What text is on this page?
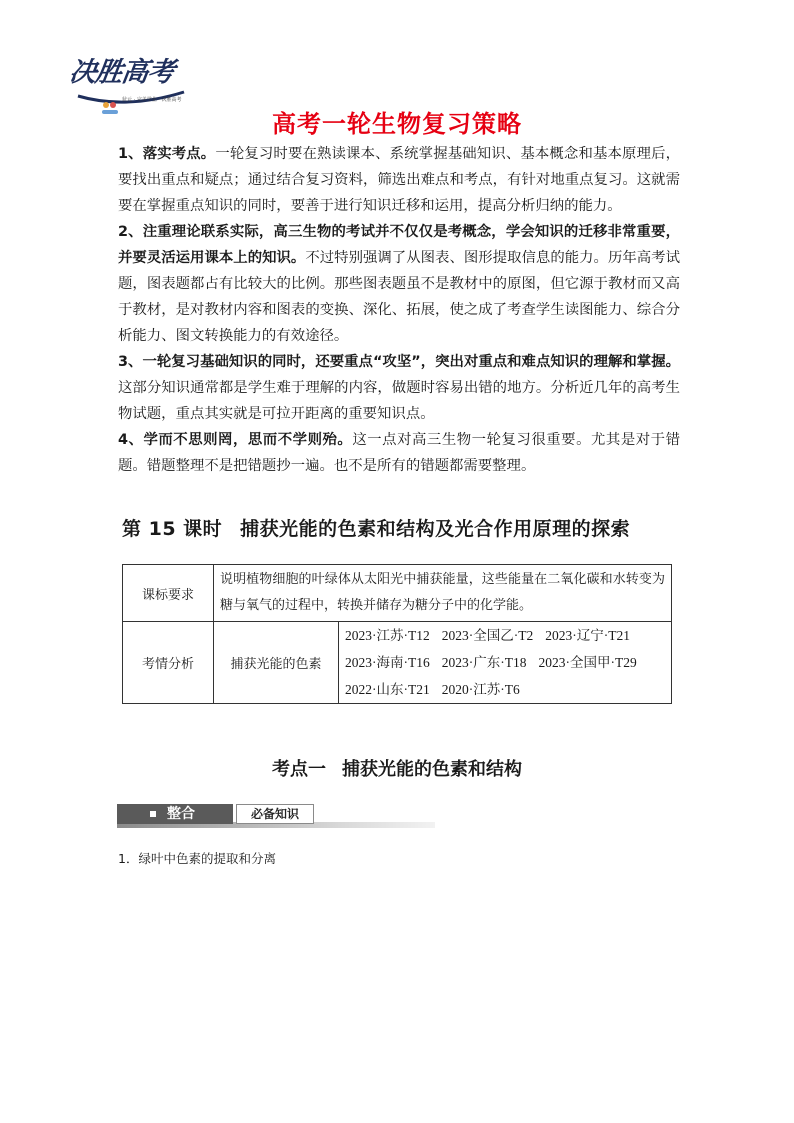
决胜高考
状元 · 完美学业 · 决胜高考
高考一轮生物复习策略

1、落实考点。一轮复习时要在熟读课本、系统掌握基础知识、基本概念和基本原理后，要找出重点和疑点；通过结合复习资料，筛选出难点和考点，有针对地重点复习。这就需要在掌握重点知识的同时，要善于进行知识迁移和运用，提高分析归纳的能力。

2、注重理论联系实际，高三生物的考试并不仅仅是考概念，学会知识的迁移非常重要，并要灵活运用课本上的知识。不过特别强调了从图表、图形提取信息的能力。历年高考试题，图表题都占有比较大的比例。那些图表题虽不是教材中的原图，但它源于教材而又高于教材，是对教材内容和图表的变换、深化、拓展，使之成了考查学生读图能力、综合分析能力、图文转换能力的有效途径。

3、一轮复习基础知识的同时，还要重点“攻坚”，突出对重点和难点知识的理解和掌握。这部分知识通常都是学生难于理解的内容，做题时容易出错的地方。分析近几年的高考生物试题，重点其实就是可拉开距离的重要知识点。

4、学而不思则罔，思而不学则殆。这一点对高三生物一轮复习很重要。尤其是对于错题。错题整理不是把错题抄一遍。也不是所有的错题都需要整理。

第 15 课时 捕获光能的色素和结构及光合作用原理的探索
课标要求	说明植物细胞的叶绿体从太阳光中捕获能量，这些能量在二氧化碳和水转变为糖与氧气的过程中，转换并储存为糖分子中的化学能。	
考情分析	捕获光能的色素	2023·江苏·T12 2023·全国乙·T2 2023·辽宁·T21
2023·海南·T16 2023·广东·T18 2023·全国甲·T29
2022·山东·T21 2020·江苏·T6
考点一 捕获光能的色素和结构
整合	必备知识
1．绿叶中色素的提取和分离
